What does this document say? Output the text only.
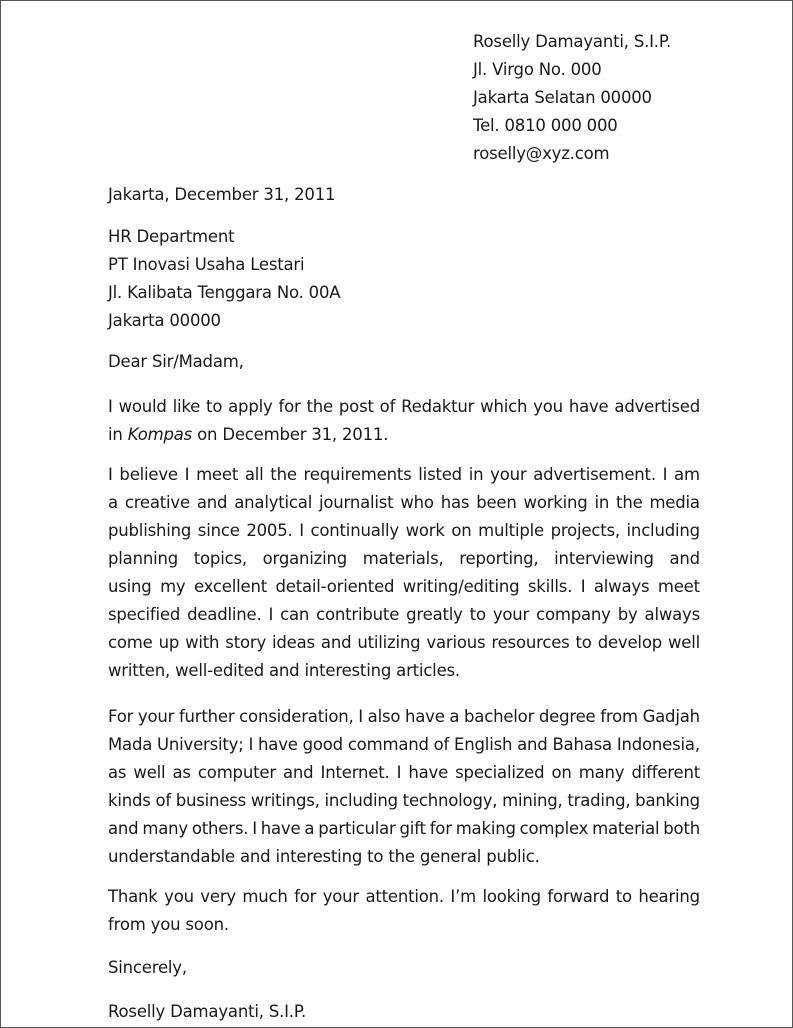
Roselly Damayanti, S.I.P.
Jl. Virgo No. 000
Jakarta Selatan 00000
Tel. 0810 000 000
roselly@xyz.com
Jakarta, December 31, 2011
HR Department
PT Inovasi Usaha Lestari
Jl. Kalibata Tenggara No. 00A
Jakarta 00000
Dear Sir/Madam,
I would like to apply for the post of Redaktur which you have advertised
in Kompas on December 31, 2011.
I believe I meet all the requirements listed in your advertisement. I am
a creative and analytical journalist who has been working in the media
publishing since 2005. I continually work on multiple projects, including
planning topics, organizing materials, reporting, interviewing and
using my excellent detail-oriented writing/editing skills. I always meet
specified deadline. I can contribute greatly to your company by always
come up with story ideas and utilizing various resources to develop well
written, well-edited and interesting articles.
For your further consideration, I also have a bachelor degree from Gadjah
Mada University; I have good command of English and Bahasa Indonesia,
as well as computer and Internet. I have specialized on many different
kinds of business writings, including technology, mining, trading, banking
and many others. I have a particular gift for making complex material both
understandable and interesting to the general public.
Thank you very much for your attention. I’m looking forward to hearing
from you soon.
Sincerely,
Roselly Damayanti, S.I.P.
